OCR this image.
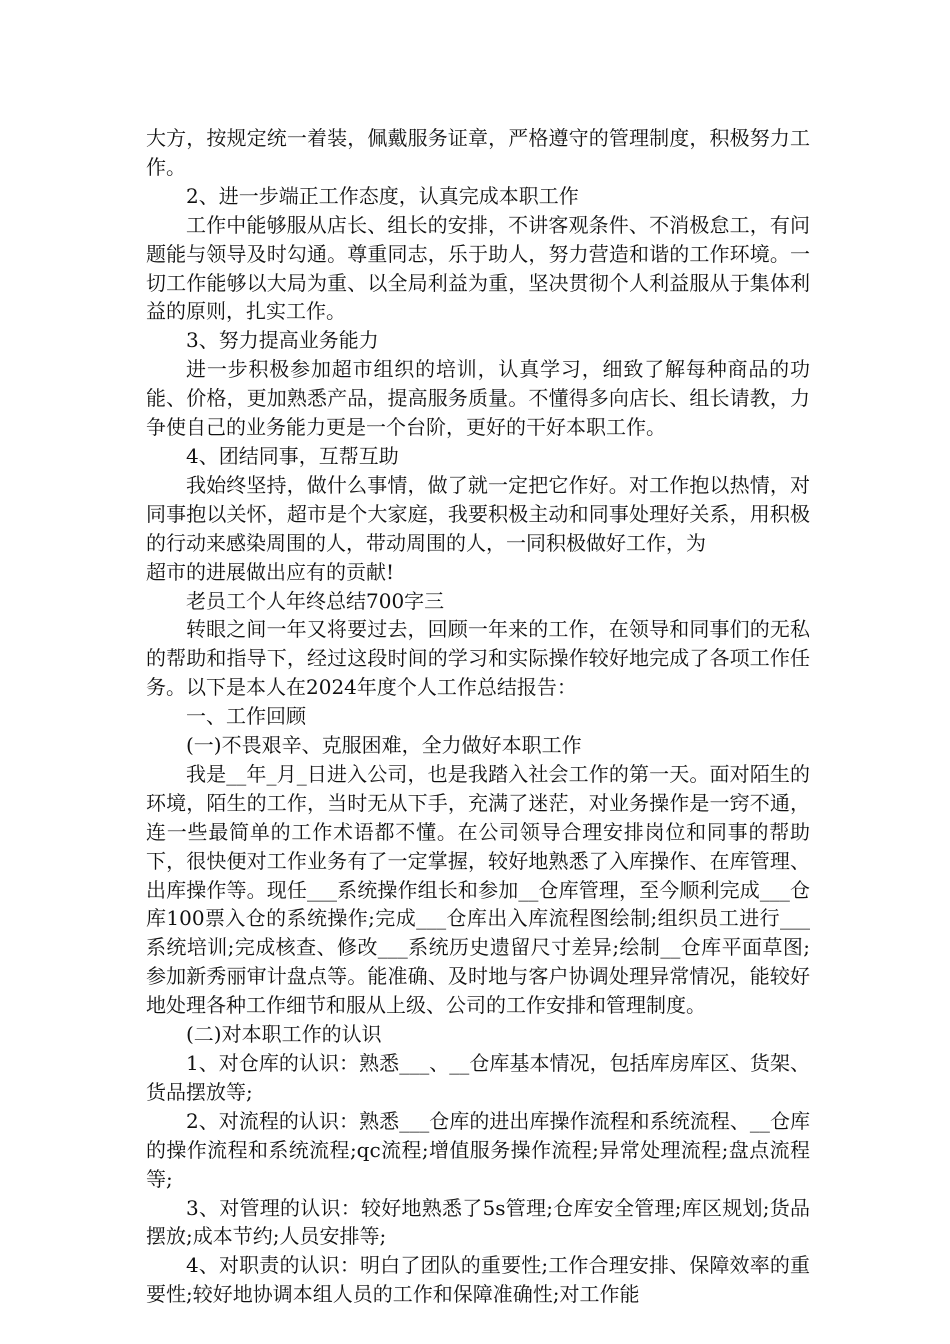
大方，按规定统一着装，佩戴服务证章，严格遵守的管理制度，积极努力工作。

2、进一步端正工作态度，认真完成本职工作

工作中能够服从店长、组长的安排，不讲客观条件、不消极怠工，有问题能与领导及时勾通。尊重同志，乐于助人，努力营造和谐的工作环境。一切工作能够以大局为重、以全局利益为重，坚决贯彻个人利益服从于集体利益的原则，扎实工作。

3、努力提高业务能力

进一步积极参加超市组织的培训，认真学习，细致了解每种商品的功能、价格，更加熟悉产品，提高服务质量。不懂得多向店长、组长请教，力争使自己的业务能力更是一个台阶，更好的干好本职工作。

4、团结同事，互帮互助

我始终坚持，做什么事情，做了就一定把它作好。对工作抱以热情，对同事抱以关怀，超市是个大家庭，我要积极主动和同事处理好关系，用积极的行动来感染周围的人，带动周围的人，一同积极做好工作，为

超市的进展做出应有的贡献!

老员工个人年终总结700字三

转眼之间一年又将要过去，回顾一年来的工作，在领导和同事们的无私的帮助和指导下，经过这段时间的学习和实际操作较好地完成了各项工作任务。以下是本人在2024年度个人工作总结报告：

一、工作回顾

(一)不畏艰辛、克服困难，全力做好本职工作

我是__年_月_日进入公司，也是我踏入社会工作的第一天。面对陌生的环境，陌生的工作，当时无从下手，充满了迷茫，对业务操作是一窍不通，连一些最简单的工作术语都不懂。在公司领导合理安排岗位和同事的帮助下，很快便对工作业务有了一定掌握，较好地熟悉了入库操作、在库管理、出库操作等。现任___系统操作组长和参加__仓库管理，至今顺利完成___仓库100票入仓的系统操作;完成___仓库出入库流程图绘制;组织员工进行___系统培训;完成核查、修改___系统历史遗留尺寸差异;绘制__仓库平面草图;参加新秀丽审计盘点等。能准确、及时地与客户协调处理异常情况，能较好地处理各种工作细节和服从上级、公司的工作安排和管理制度。

(二)对本职工作的认识

1、对仓库的认识：熟悉___、__仓库基本情况，包括库房库区、货架、货品摆放等;

2、对流程的认识：熟悉___仓库的进出库操作流程和系统流程、__仓库的操作流程和系统流程;qc流程;增值服务操作流程;异常处理流程;盘点流程等;

3、对管理的认识：较好地熟悉了5s管理;仓库安全管理;库区规划;货品摆放;成本节约;人员安排等;

4、对职责的认识：明白了团队的重要性;工作合理安排、保障效率的重要性;较好地协调本组人员的工作和保障准确性;对工作能
